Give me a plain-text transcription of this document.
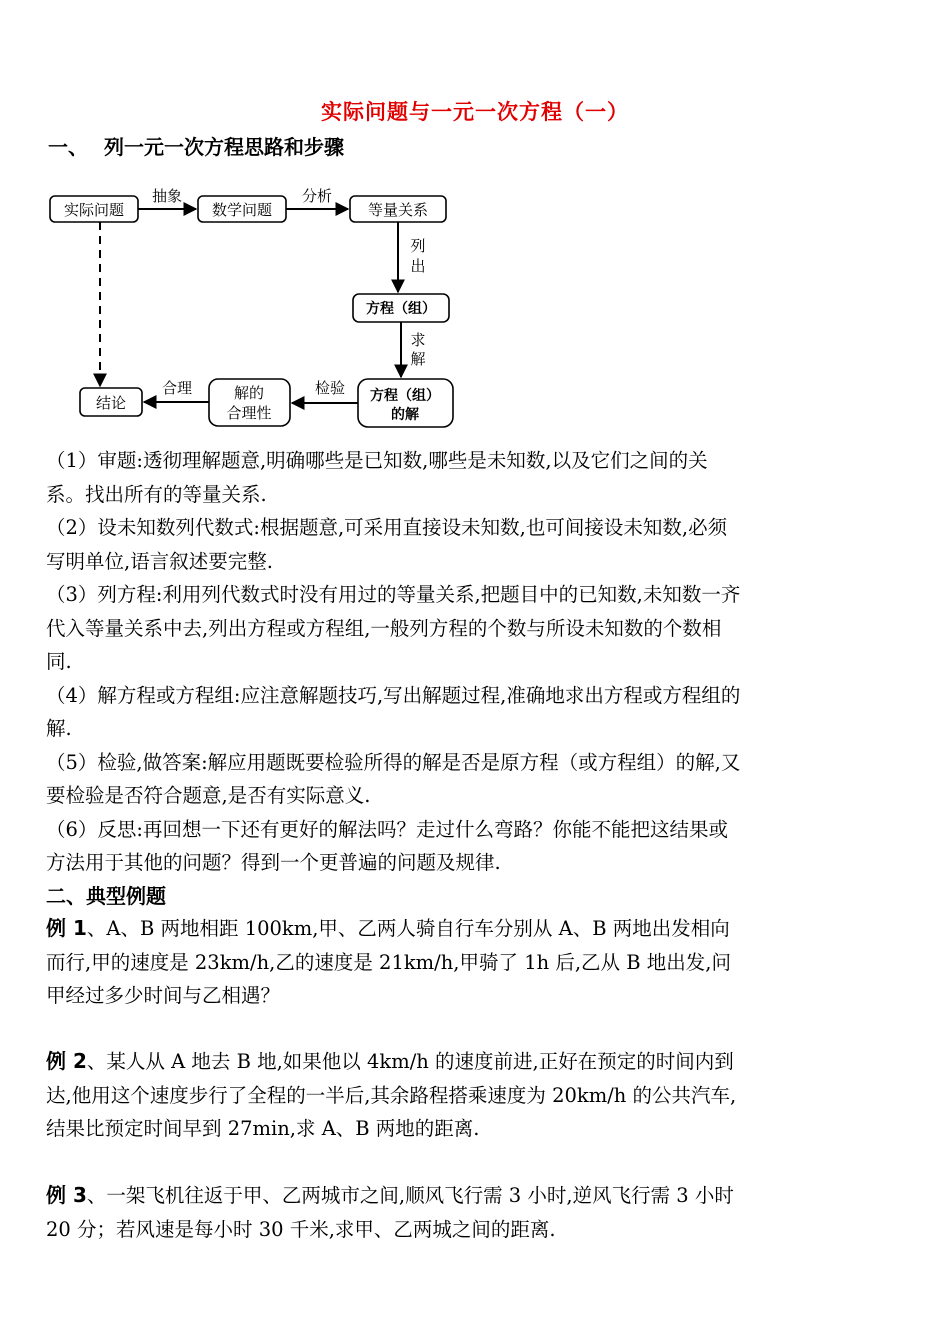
实际问题与一元一次方程（一）
一、 列一元一次方程思路和步骤
实际问题	数学问题	等量关系
方程（组）
方程（组）
的解
解的
合理性
结论
抽象	分析
列
出
求
解
检验
合理

（1）审题:透彻理解题意,明确哪些是已知数,哪些是未知数,以及它们之间的关系。找出所有的等量关系.

（2）设未知数列代数式:根据题意,可采用直接设未知数,也可间接设未知数,必须写明单位,语言叙述要完整.

（3）列方程:利用列代数式时没有用过的等量关系,把题目中的已知数,未知数一齐代入等量关系中去,列出方程或方程组,一般列方程的个数与所设未知数的个数相同.

（4）解方程或方程组:应注意解题技巧,写出解题过程,准确地求出方程或方程组的解.

（5）检验,做答案:解应用题既要检验所得的解是否是原方程（或方程组）的解,又要检验是否符合题意,是否有实际意义.

（6）反思:再回想一下还有更好的解法吗？走过什么弯路？你能不能把这结果或方法用于其他的问题？得到一个更普遍的问题及规律.

二、典型例题

例 1、A、B 两地相距 100km,甲、乙两人骑自行车分别从 A、B 两地出发相向而行,甲的速度是 23km/h,乙的速度是 21km/h,甲骑了 1h 后,乙从 B 地出发,问甲经过多少时间与乙相遇？

例 2、某人从 A 地去 B 地,如果他以 4km/h 的速度前进,正好在预定的时间内到达,他用这个速度步行了全程的一半后,其余路程搭乘速度为 20km/h 的公共汽车,结果比预定时间早到 27min,求 A、B 两地的距离.

例 3、一架飞机往返于甲、乙两城市之间,顺风飞行需 3 小时,逆风飞行需 3 小时 20 分；若风速是每小时 30 千米,求甲、乙两城之间的距离.
